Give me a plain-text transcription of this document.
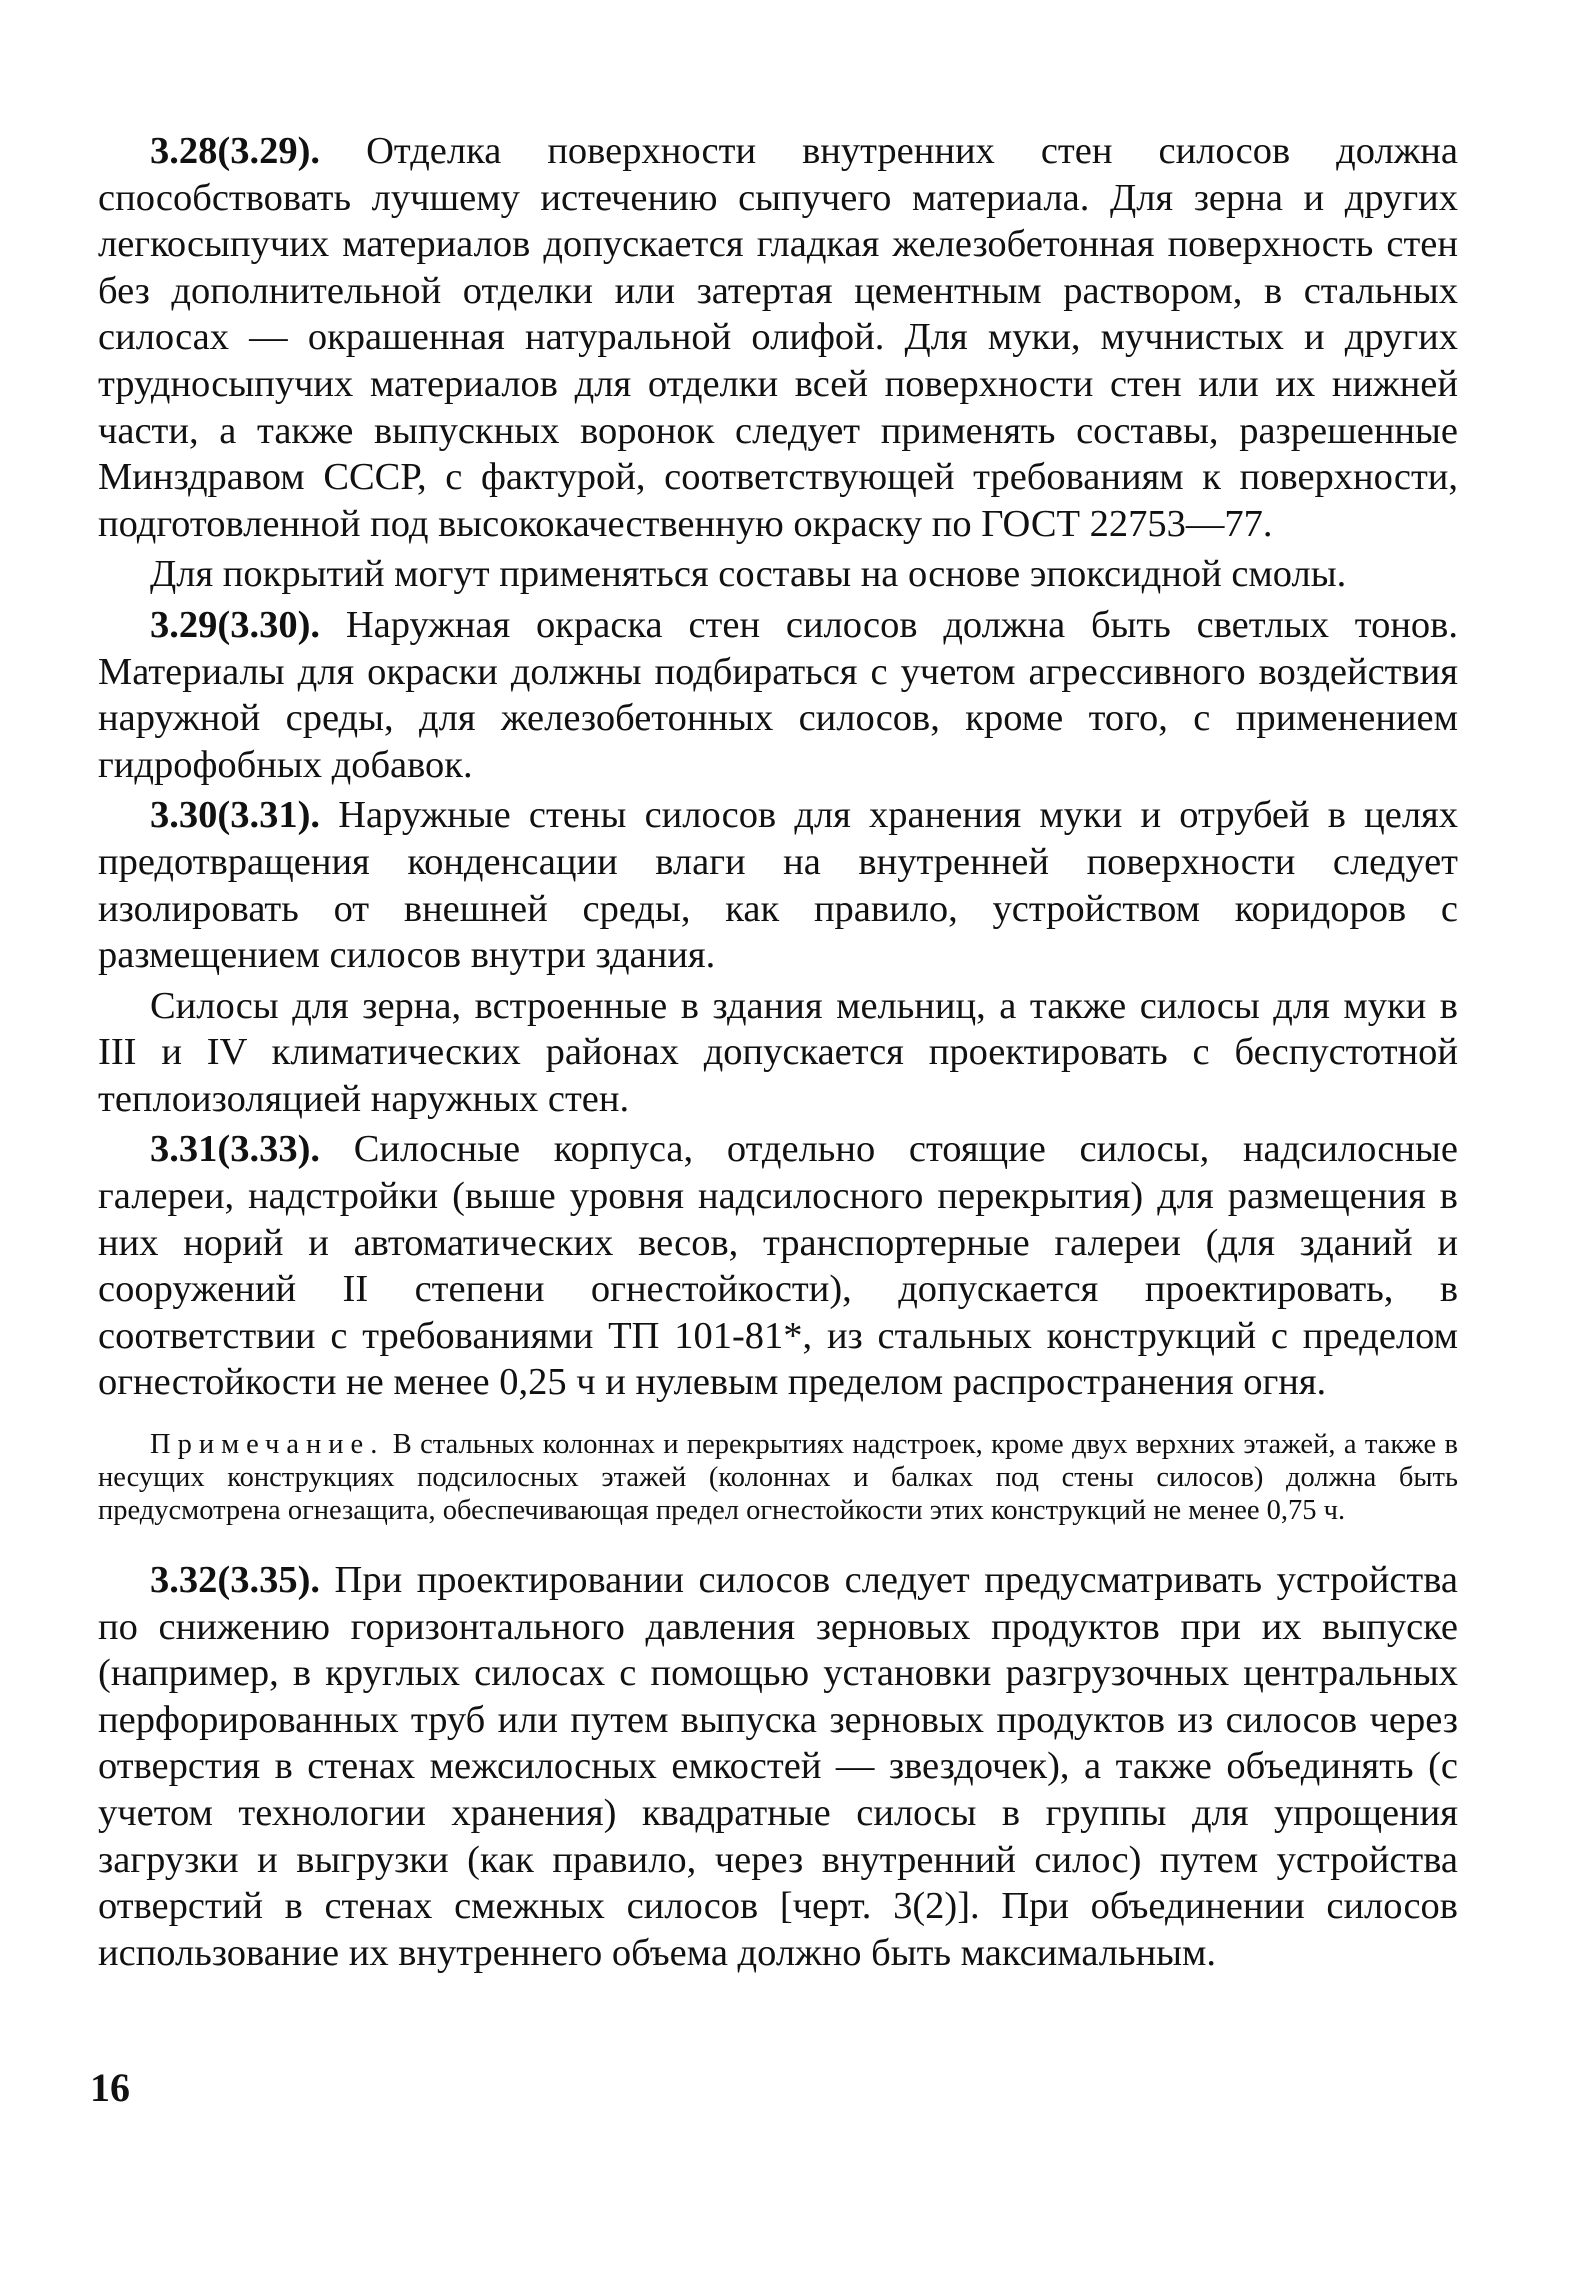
3.28(3.29). Отделка поверхности внутренних стен силосов должна способствовать лучшему истечению сыпучего материала. Для зерна и других легкосыпучих материалов допускается гладкая железобетонная поверхность стен без дополнительной отделки или затертая цементным раствором, в стальных силосах — окрашенная натуральной олифой. Для муки, мучнистых и других трудносыпучих материалов для отделки всей поверхности стен или их нижней части, а также выпускных воронок следует применять составы, разрешенные Минздравом СССР, с фактурой, соответствующей требованиям к поверхности, подготовленной под высококачественную окраску по ГОСТ 22753—77.

Для покрытий могут применяться составы на основе эпоксидной смолы.

3.29(3.30). Наружная окраска стен силосов должна быть светлых тонов. Материалы для окраски должны подбираться с учетом агрессивного воздействия наружной среды, для железобетонных силосов, кроме того, с применением гидрофобных добавок.

3.30(3.31). Наружные стены силосов для хранения муки и отрубей в целях предотвращения конденсации влаги на внутренней поверхности следует изолировать от внешней среды, как правило, устройством коридоров с размещением силосов внутри здания.

Силосы для зерна, встроенные в здания мельниц, а также силосы для муки в III и IV климатических районах допускается проектировать с беспустотной теплоизоляцией наружных стен.

3.31(3.33). Силосные корпуса, отдельно стоящие силосы, надсилосные галереи, надстройки (выше уровня надсилосного перекрытия) для размещения в них норий и автоматических весов, транспортерные галереи (для зданий и сооружений II степени огнестойкости), допускается проектировать, в соответствии с требованиями ТП 101-81*, из стальных конструкций с пределом огнестойкости не менее 0,25 ч и нулевым пределом распространения огня.

Примечание. В стальных колоннах и перекрытиях надстроек, кроме двух верхних этажей, а также в несущих конструкциях подсилосных этажей (колоннах и балках под стены силосов) должна быть предусмотрена огнезащита, обеспечивающая предел огнестойкости этих конструкций не менее 0,75 ч.

3.32(3.35). При проектировании силосов следует предусматривать устройства по снижению горизонтального давления зерновых продуктов при их выпуске (например, в круглых силосах с помощью установки разгрузочных центральных перфорированных труб или путем выпуска зерновых продуктов из силосов через отверстия в стенах межсилосных емкостей — звездочек), а также объединять (с учетом технологии хранения) квадратные силосы в группы для упрощения загрузки и выгрузки (как правило, через внутренний силос) путем устройства отверстий в стенах смежных силосов [черт. 3(2)]. При объединении силосов использование их внутреннего объема должно быть максимальным.

16
